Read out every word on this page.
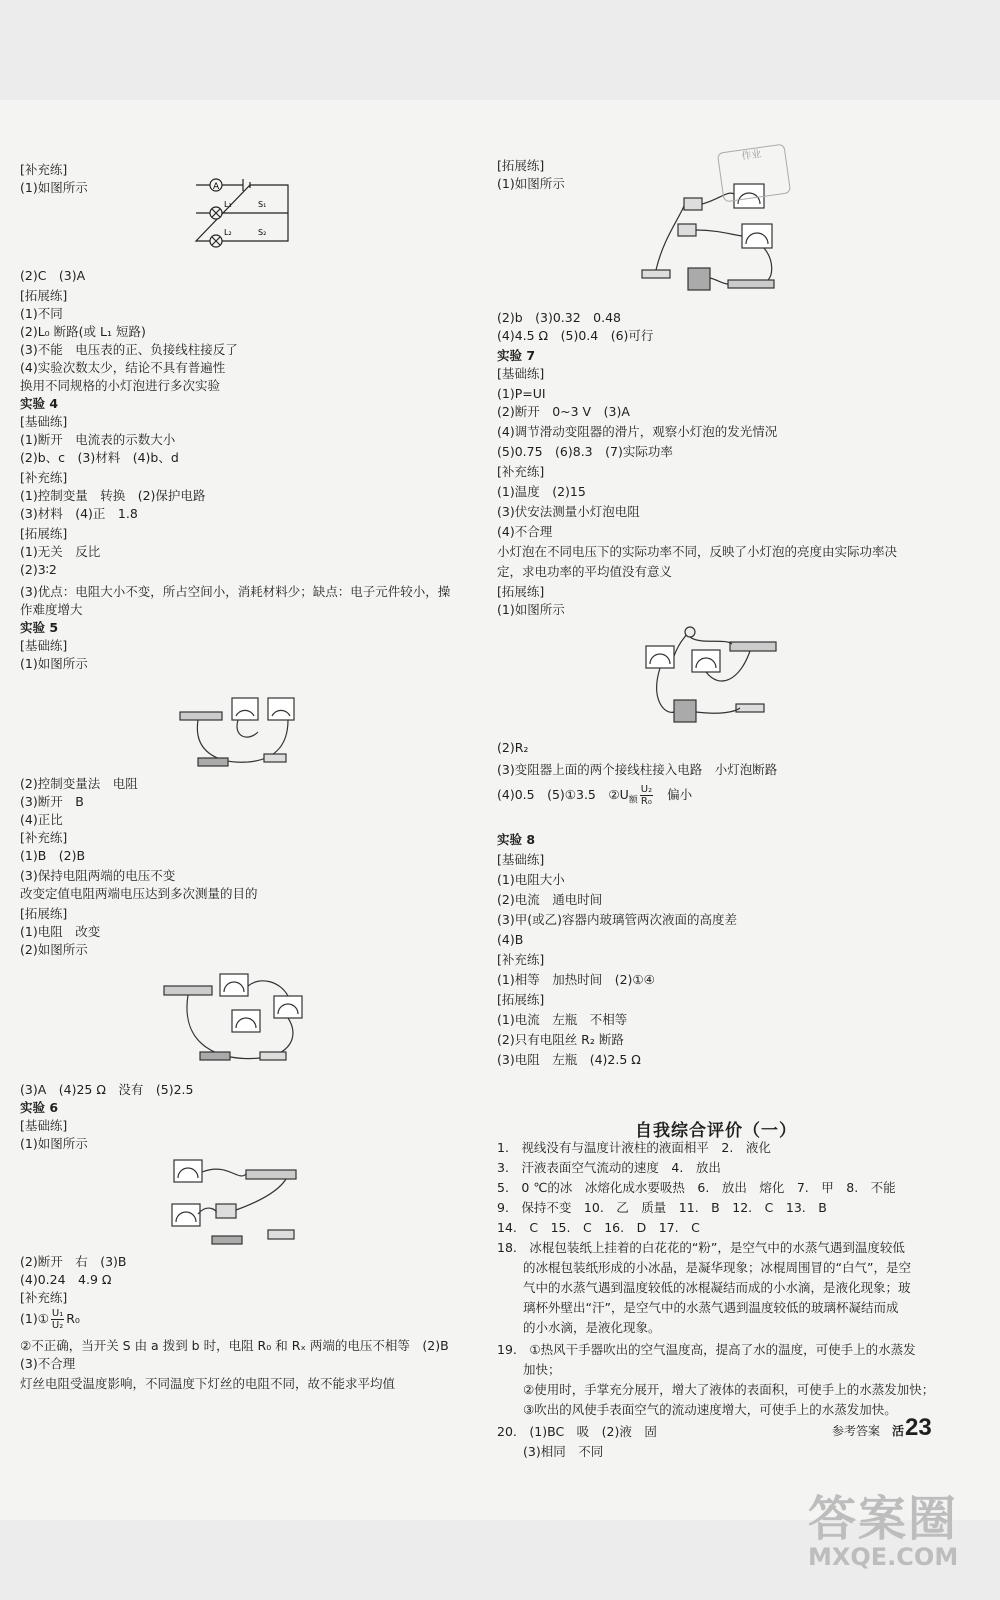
[补充练]
(1)如图所示
(2)C　(3)A
[拓展练]
(1)不同
(2)L₀ 断路(或 L₁ 短路)
(3)不能　电压表的正、负接线柱接反了
(4)实验次数太少，结论不具有普遍性
换用不同规格的小灯泡进行多次实验
实验 4
[基础练]
(1)断开　电流表的示数大小
(2)b、c　(3)材料　(4)b、d
[补充练]
(1)控制变量　转换　(2)保护电路
(3)材料　(4)正　1.8
[拓展练]
(1)无关　反比
(2)3∶2
(3)优点：电阻大小不变，所占空间小，消耗材料少；缺点：电子元件较小，操
作难度增大
实验 5
[基础练]
(1)如图所示
(2)控制变量法　电阻
(3)断开　B
(4)正比
[补充练]
(1)B　(2)B
(3)保持电阻两端的电压不变
改变定值电阻两端电压达到多次测量的目的
[拓展练]
(1)电阻　改变
(2)如图所示
(3)A　(4)25 Ω　没有　(5)2.5
实验 6
[基础练]
(1)如图所示
(2)断开　右　(3)B
(4)0.24　4.9 Ω
[补充练]
②不正确，当开关 S 由 a 拨到 b 时，电阻 R₀ 和 Rₓ 两端的电压不相等　(2)B
(3)不合理
灯丝电阻受温度影响，不同温度下灯丝的电阻不同，故不能求平均值
(1)① $\frac{\text{U₁}}{\text{U₂}} R_0$
[拓展练]
(1)如图所示
(2)b　(3)0.32　0.48
(4)4.5 Ω　(5)0.4　(6)可行
实验 7
[基础练]
(1)P=UI
(2)断开　0~3 V　(3)A
(4)调节滑动变阻器的滑片，观察小灯泡的发光情况
(5)0.75　(6)8.3　(7)实际功率
[补充练]
(1)温度　(2)15
(3)伏安法测量小灯泡电阻
(4)不合理
小灯泡在不同电压下的实际功率不同，反映了小灯泡的亮度由实际功率决
定，求电功率的平均值没有意义
[拓展练]
(1)如图所示
(2)R₂
(3)变阻器上面的两个接线柱接入电路　小灯泡断路
实验 8
[基础练]
(1)电阻大小
(2)电流　通电时间
(3)甲(或乙)容器内玻璃管两次液面的高度差
(4)B
[补充练]
(1)相等　加热时间　(2)①④
[拓展练]
(1)电流　左瓶　不相等
(2)只有电阻丝 R₂ 断路
(3)电阻　左瓶　(4)2.5 Ω
1.　视线没有与温度计液柱的液面相平　2.　液化
3.　汗液表面空气流动的速度　4.　放出
5.　0 ℃的冰　冰熔化成水要吸热　6.　放出　熔化　7.　甲　8.　不能
9.　保持不变　10.　乙　质量　11.　B　12.　C　13.　B
14.　C　15.　C　16.　D　17.　C
18.　冰棍包装纸上挂着的白花花的“粉”，是空气中的水蒸气遇到温度较低
的冰棍包装纸形成的小冰晶，是凝华现象；冰棍周围冒的“白气”，是空
气中的水蒸气遇到温度较低的冰棍凝结而成的小水滴，是液化现象；玻
璃杯外壁出“汗”，是空气中的水蒸气遇到温度较低的玻璃杯凝结而成
的小水滴，是液化现象。
19.　①热风干手器吹出的空气温度高，提高了水的温度，可使手上的水蒸发
加快；
②使用时，手掌充分展开，增大了液体的表面积，可使手上的水蒸发加快；
③吹出的风使手表面空气的流动速度增大，可使手上的水蒸发加快。
20.　(1)BC　吸　(2)液　固
(3)相同　不同
(4)0.5　(5)①3.5　$②U_额 \frac{\text{U₂}}{\text{R₀}}$ 偏小
A
L₁
L₂
S₁
S₂
自我综合评价（一）
作业
参考答案 活 23
答案圈
MXQE.COM
